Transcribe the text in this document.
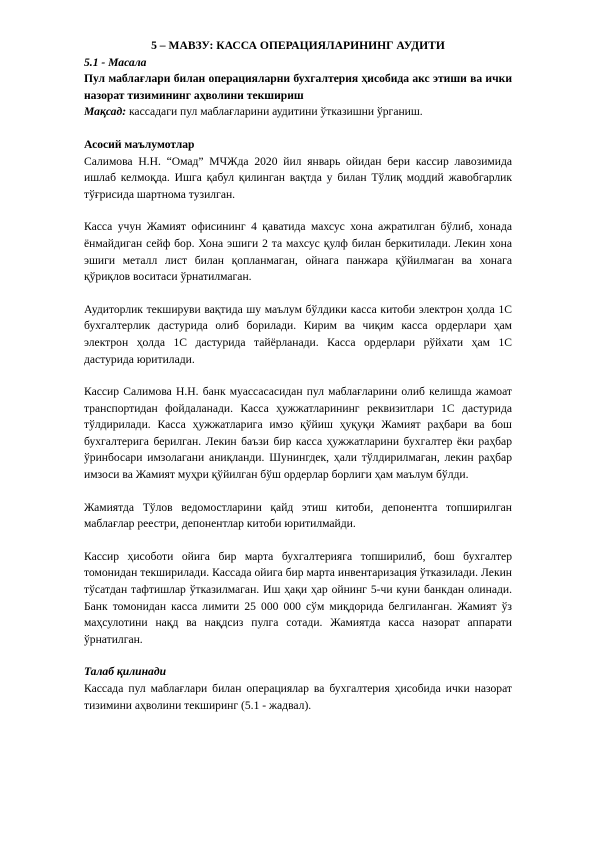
5 – МАВЗУ: КАССА ОПЕРАЦИЯЛАРИНИНГ АУДИТИ
5.1 - Масала
Пул маблағлари билан операцияларни бухгалтерия ҳисобида акс этиши ва ички назорат тизимининг аҳволини текшириш
Мақсад: кассадаги пул маблағларини аудитини ўтказишни ўрганиш.
Асосий маълумотлар

Салимова Н.Н. “Омад” МЧЖда 2020 йил январь ойидан бери кассир лавозимида ишлаб келмоқда. Ишга қабул қилинган вақтда у билан Тўлиқ моддий жавобгарлик тўғрисида шартнома тузилган.

Касса учун Жамият офисининг 4 қаватида махсус хона ажратилган бўлиб, хонада ёнмайдиган сейф бор. Хона эшиги 2 та махсус қулф билан беркитилади. Лекин хона эшиги металл лист билан қопланмаган, ойнага панжара қўйилмаган ва хонага қўриқлов воситаси ўрнатилмаган.

Аудиторлик текшируви вақтида шу маълум бўлдики касса китоби электрон ҳолда 1С бухгалтерлик дастурида олиб борилади. Кирим ва чиқим касса ордерлари ҳам электрон ҳолда 1С дастурида тайёрланади. Касса ордерлари рўйхати ҳам 1С дастурида юритилади.

Кассир Салимова Н.Н. банк муассасасидан пул маблағларини олиб келишда жамоат транспортидан фойдаланади. Касса ҳужжатларининг реквизитлари 1С дастурида тўлдирилади. Касса ҳужжатларига имзо қўйиш ҳуқуқи Жамият раҳбари ва бош бухгалтерига берилган. Лекин баъзи бир касса ҳужжатларини бухгалтер ёки раҳбар ўринбосари имзолагани аниқланди. Шунингдек, ҳали тўлдирилмаган, лекин раҳбар имзоси ва Жамият муҳри қўйилган бўш ордерлар борлиги ҳам маълум бўлди.

Жамиятда Тўлов ведомостларини қайд этиш китоби, депонентга топширилган маблағлар реестри, депонентлар китоби юритилмайди.

Кассир ҳисоботи ойига бир марта бухгалтерияга топширилиб, бош бухгалтер томонидан текширилади. Кассада ойига бир марта инвентаризация ўтказилади. Лекин тўсатдан тафтишлар ўтказилмаган. Иш ҳақи ҳар ойнинг 5-чи куни банкдан олинади. Банк томонидан касса лимити 25 000 000 сўм миқдорида белгиланган. Жамият ўз маҳсулотини нақд ва нақдсиз пулга сотади. Жамиятда касса назорат аппарати ўрнатилган.

Талаб қилинади

Кассада пул маблағлари билан операциялар ва бухгалтерия ҳисобида ички назорат тизимини аҳволини текширинг (5.1 - жадвал).
